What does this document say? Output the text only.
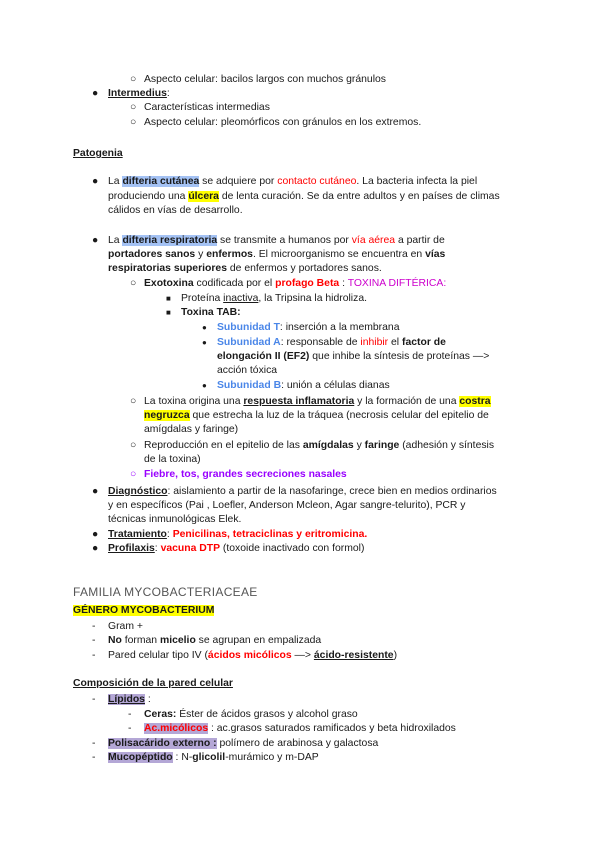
○ Aspecto celular: bacilos largos con muchos gránulos
● Intermedius:
○ Características intermedias
○ Aspecto celular: pleomórficos con gránulos en los extremos.
Patogenia
● La difteria cutánea se adquiere por contacto cutáneo. La bacteria infecta la piel
produciendo una úlcera de lenta curación. Se da entre adultos y en países de climas
cálidos en vías de desarrollo.
● La difteria respiratoria se transmite a humanos por vía aérea a partir de
portadores sanos y enfermos. El microorganismo se encuentra en vías
respiratorias superiores de enfermos y portadores sanos.
○ Exotoxina codificada por el profago Beta : TOXINA DIFTÉRICA:
■ Proteína inactiva, la Tripsina la hidroliza.
■ Toxina TAB:
● Subunidad T: inserción a la membrana
● Subunidad A: responsable de inhibir el factor de
elongación II (EF2) que inhibe la síntesis de proteínas —>
acción tóxica
● Subunidad B: unión a células dianas
○ La toxina origina una respuesta inflamatoria y la formación de una costra
negruzca que estrecha la luz de la tráquea (necrosis celular del epitelio de
amígdalas y faringe)
○ Reproducción en el epitelio de las amígdalas y faringe (adhesión y síntesis
de la toxina)
○ Fiebre, tos, grandes secreciones nasales
● Diagnóstico: aislamiento a partir de la nasofaringe, crece bien en medios ordinarios
y en específicos (Pai , Loefler, Anderson Mcleon, Agar sangre-telurito), PCR y
técnicas inmunológicas Elek.
● Tratamiento: Penicilinas, tetraciclinas y eritromicina.
● Profilaxis: vacuna DTP (toxoide inactivado con formol)
FAMILIA MYCOBACTERIACEAE
GÉNERO MYCOBACTERIUM
- Gram +
- No forman micelio se agrupan en empalizada
- Pared celular tipo IV (ácidos micólicos —> ácido-resistente)
Composición de la pared celular
- Lípidos :
- Ceras: Éster de ácidos grasos y alcohol graso
- Ac.micólicos : ac.grasos saturados ramificados y beta hidroxilados
- Polisacárido externo : polímero de arabinosa y galactosa
- Mucopéptido : N-glicolil-murámico y m-DAP
